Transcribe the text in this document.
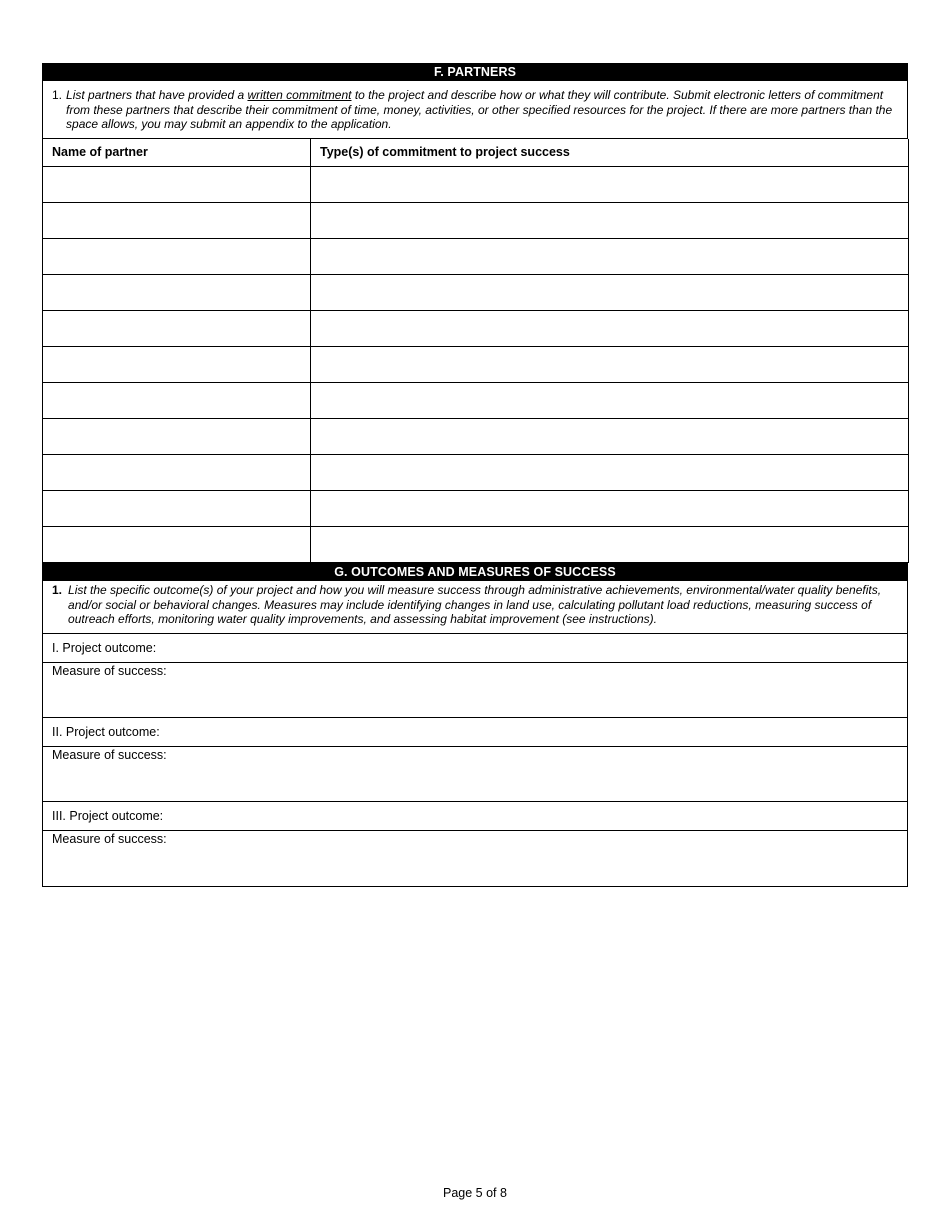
F. PARTNERS
1. List partners that have provided a written commitment to the project and describe how or what they will contribute. Submit electronic letters of commitment from these partners that describe their commitment of time, money, activities, or other specified resources for the project. If there are more partners than the space allows, you may submit an appendix to the application.
Name of partner	Type(s) of commitment to project success

G. OUTCOMES AND MEASURES OF SUCCESS
1. List the specific outcome(s) of your project and how you will measure success through administrative achievements, environmental/water quality benefits, and/or social or behavioral changes. Measures may include identifying changes in land use, calculating pollutant load reductions, measuring success of outreach efforts, monitoring water quality improvements, and assessing habitat improvement (see instructions).
I. Project outcome:
Measure of success:
II. Project outcome:
Measure of success:
III. Project outcome:
Measure of success:
Page 5 of 8
